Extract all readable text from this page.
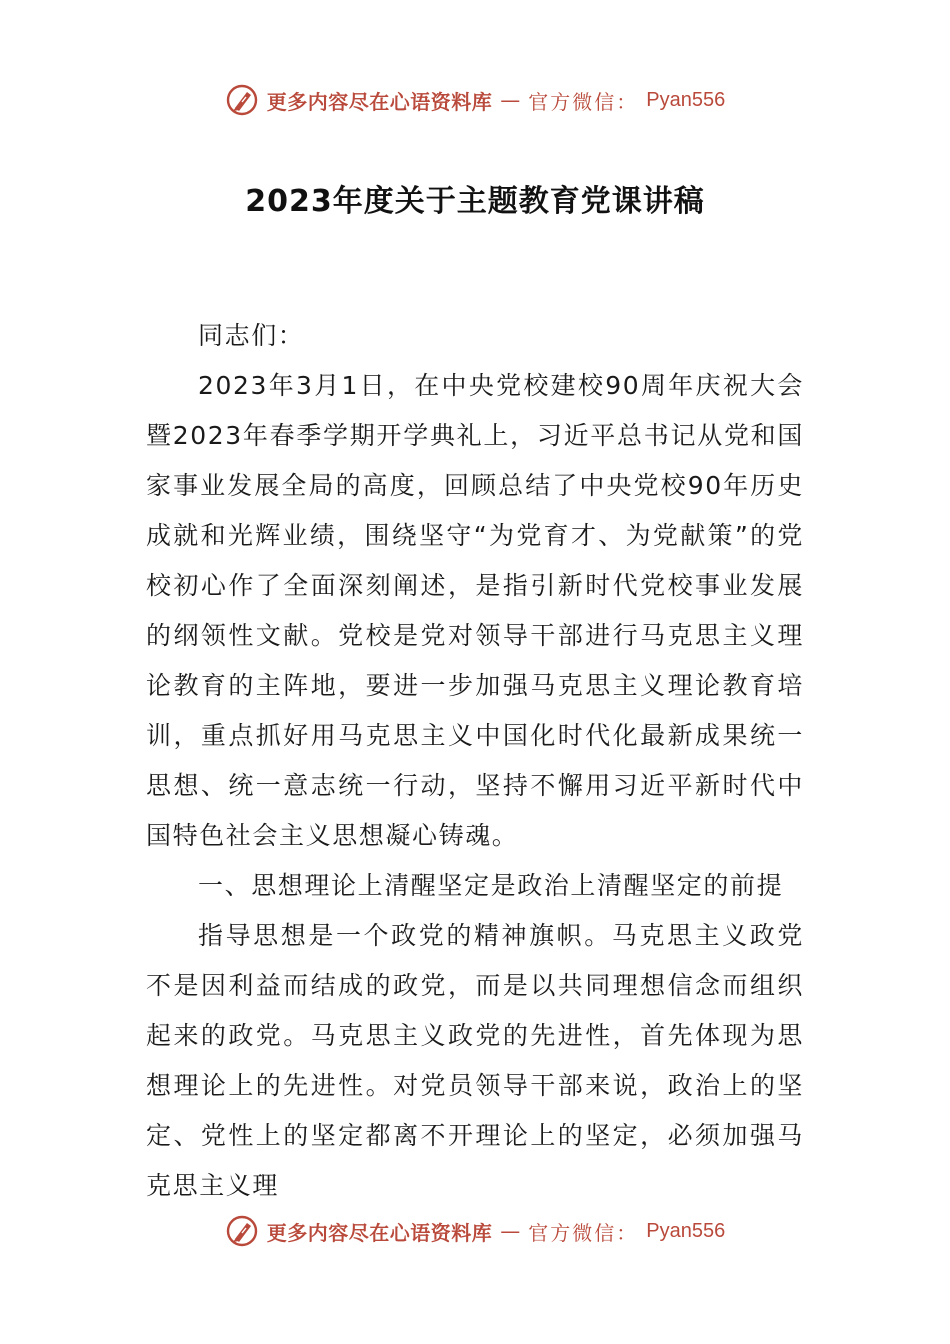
更多内容尽在心语资料库 — 官方微信： Pyan556
2023年度关于主题教育党课讲稿

同志们：

2023年3月1日，在中央党校建校90周年庆祝大会暨2023年春季学期开学典礼上，习近平总书记从党和国家事业发展全局的高度，回顾总结了中央党校90年历史成就和光辉业绩，围绕坚守“为党育才、为党献策”的党校初心作了全面深刻阐述，是指引新时代党校事业发展的纲领性文献。党校是党对领导干部进行马克思主义理论教育的主阵地，要进一步加强马克思主义理论教育培训，重点抓好用马克思主义中国化时代化最新成果统一思想、统一意志统一行动，坚持不懈用习近平新时代中国特色社会主义思想凝心铸魂。

一、思想理论上清醒坚定是政治上清醒坚定的前提

指导思想是一个政党的精神旗帜。马克思主义政党不是因利益而结成的政党，而是以共同理想信念而组织起来的政党。马克思主义政党的先进性，首先体现为思想理论上的先进性。对党员领导干部来说，政治上的坚定、党性上的坚定都离不开理论上的坚定，必须加强马克思主义理

更多内容尽在心语资料库 — 官方微信： Pyan556
